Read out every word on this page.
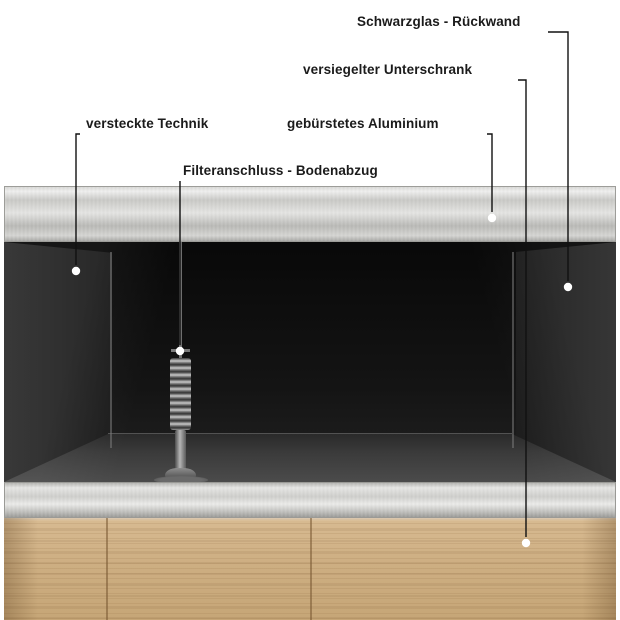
Schwarzglas - Rückwand
versiegelter Unterschrank
versteckte Technik	gebürstetes Aluminium
Filteranschluss - Bodenabzug
